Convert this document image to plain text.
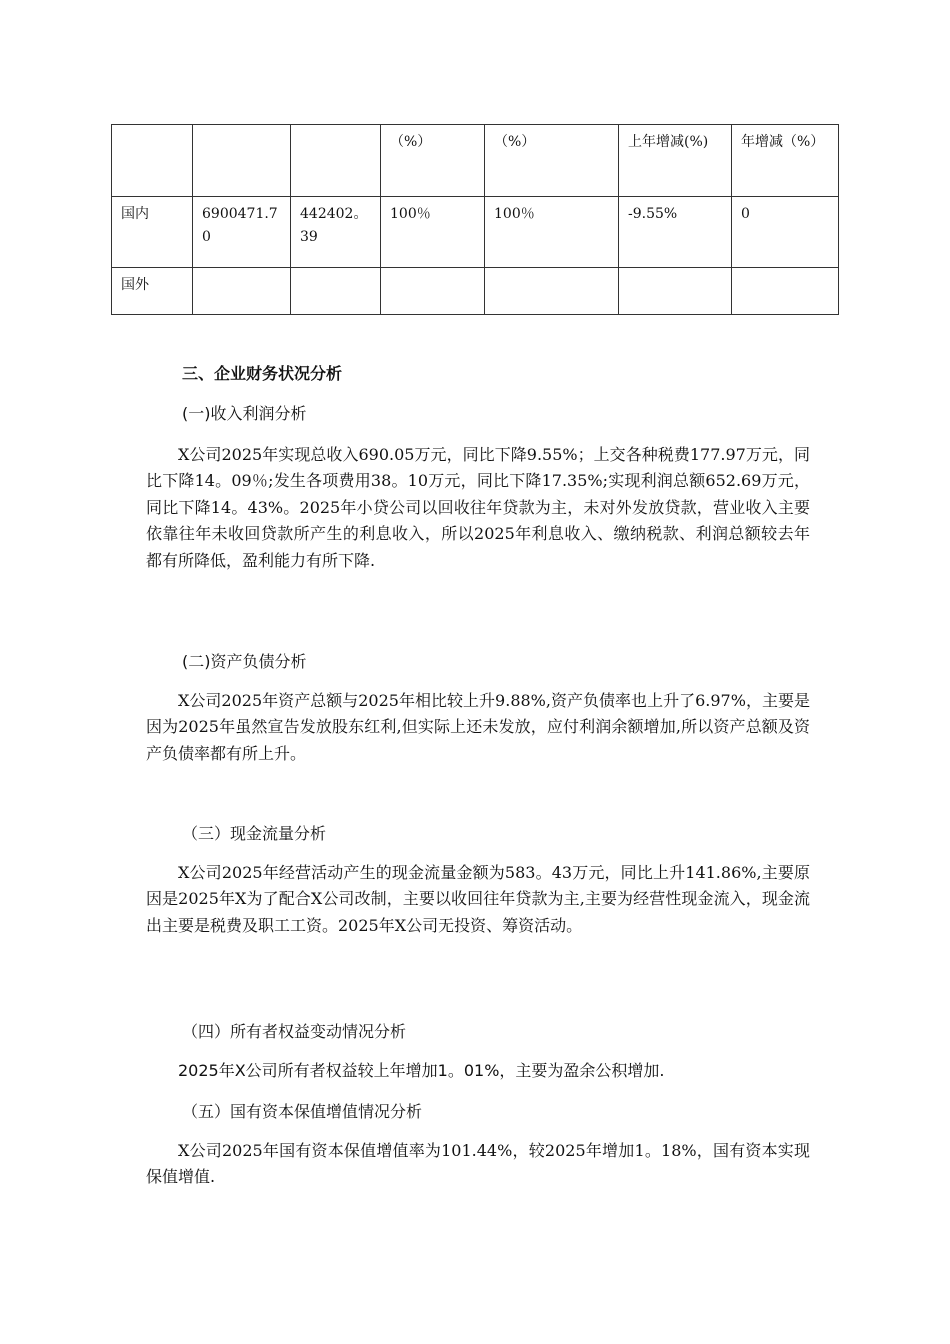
			（%）	（%）	上年增减(%)	年增减（%）
国内	6900471.70	442402。39	100％	100％	-9.55%	0
国外						
三、企业财务状况分析
(一)收入利润分析

X公司2025年实现总收入690.05万元，同比下降9.55%；上交各种税费177.97万元，同比下降14。09％;发生各项费用38。10万元，同比下降17.35%;实现利润总额652.69万元，同比下降14。43%。2025年小贷公司以回收往年贷款为主，未对外发放贷款，营业收入主要依靠往年未收回贷款所产生的利息收入，所以2025年利息收入、缴纳税款、利润总额较去年都有所降低，盈利能力有所下降.

(二)资产负债分析

X公司2025年资产总额与2025年相比较上升9.88%,资产负债率也上升了6.97%，主要是因为2025年虽然宣告发放股东红利,但实际上还未发放，应付利润余额增加,所以资产总额及资产负债率都有所上升。

（三）现金流量分析

X公司2025年经营活动产生的现金流量金额为583。43万元，同比上升141.86%,主要原因是2025年X为了配合X公司改制，主要以收回往年贷款为主,主要为经营性现金流入，现金流出主要是税费及职工工资。2025年X公司无投资、筹资活动。

（四）所有者权益变动情况分析

2025年X公司所有者权益较上年增加1。01%，主要为盈余公积增加.

（五）国有资本保值增值情况分析

X公司2025年国有资本保值增值率为101.44%，较2025年增加1。18%，国有资本实现保值增值.
